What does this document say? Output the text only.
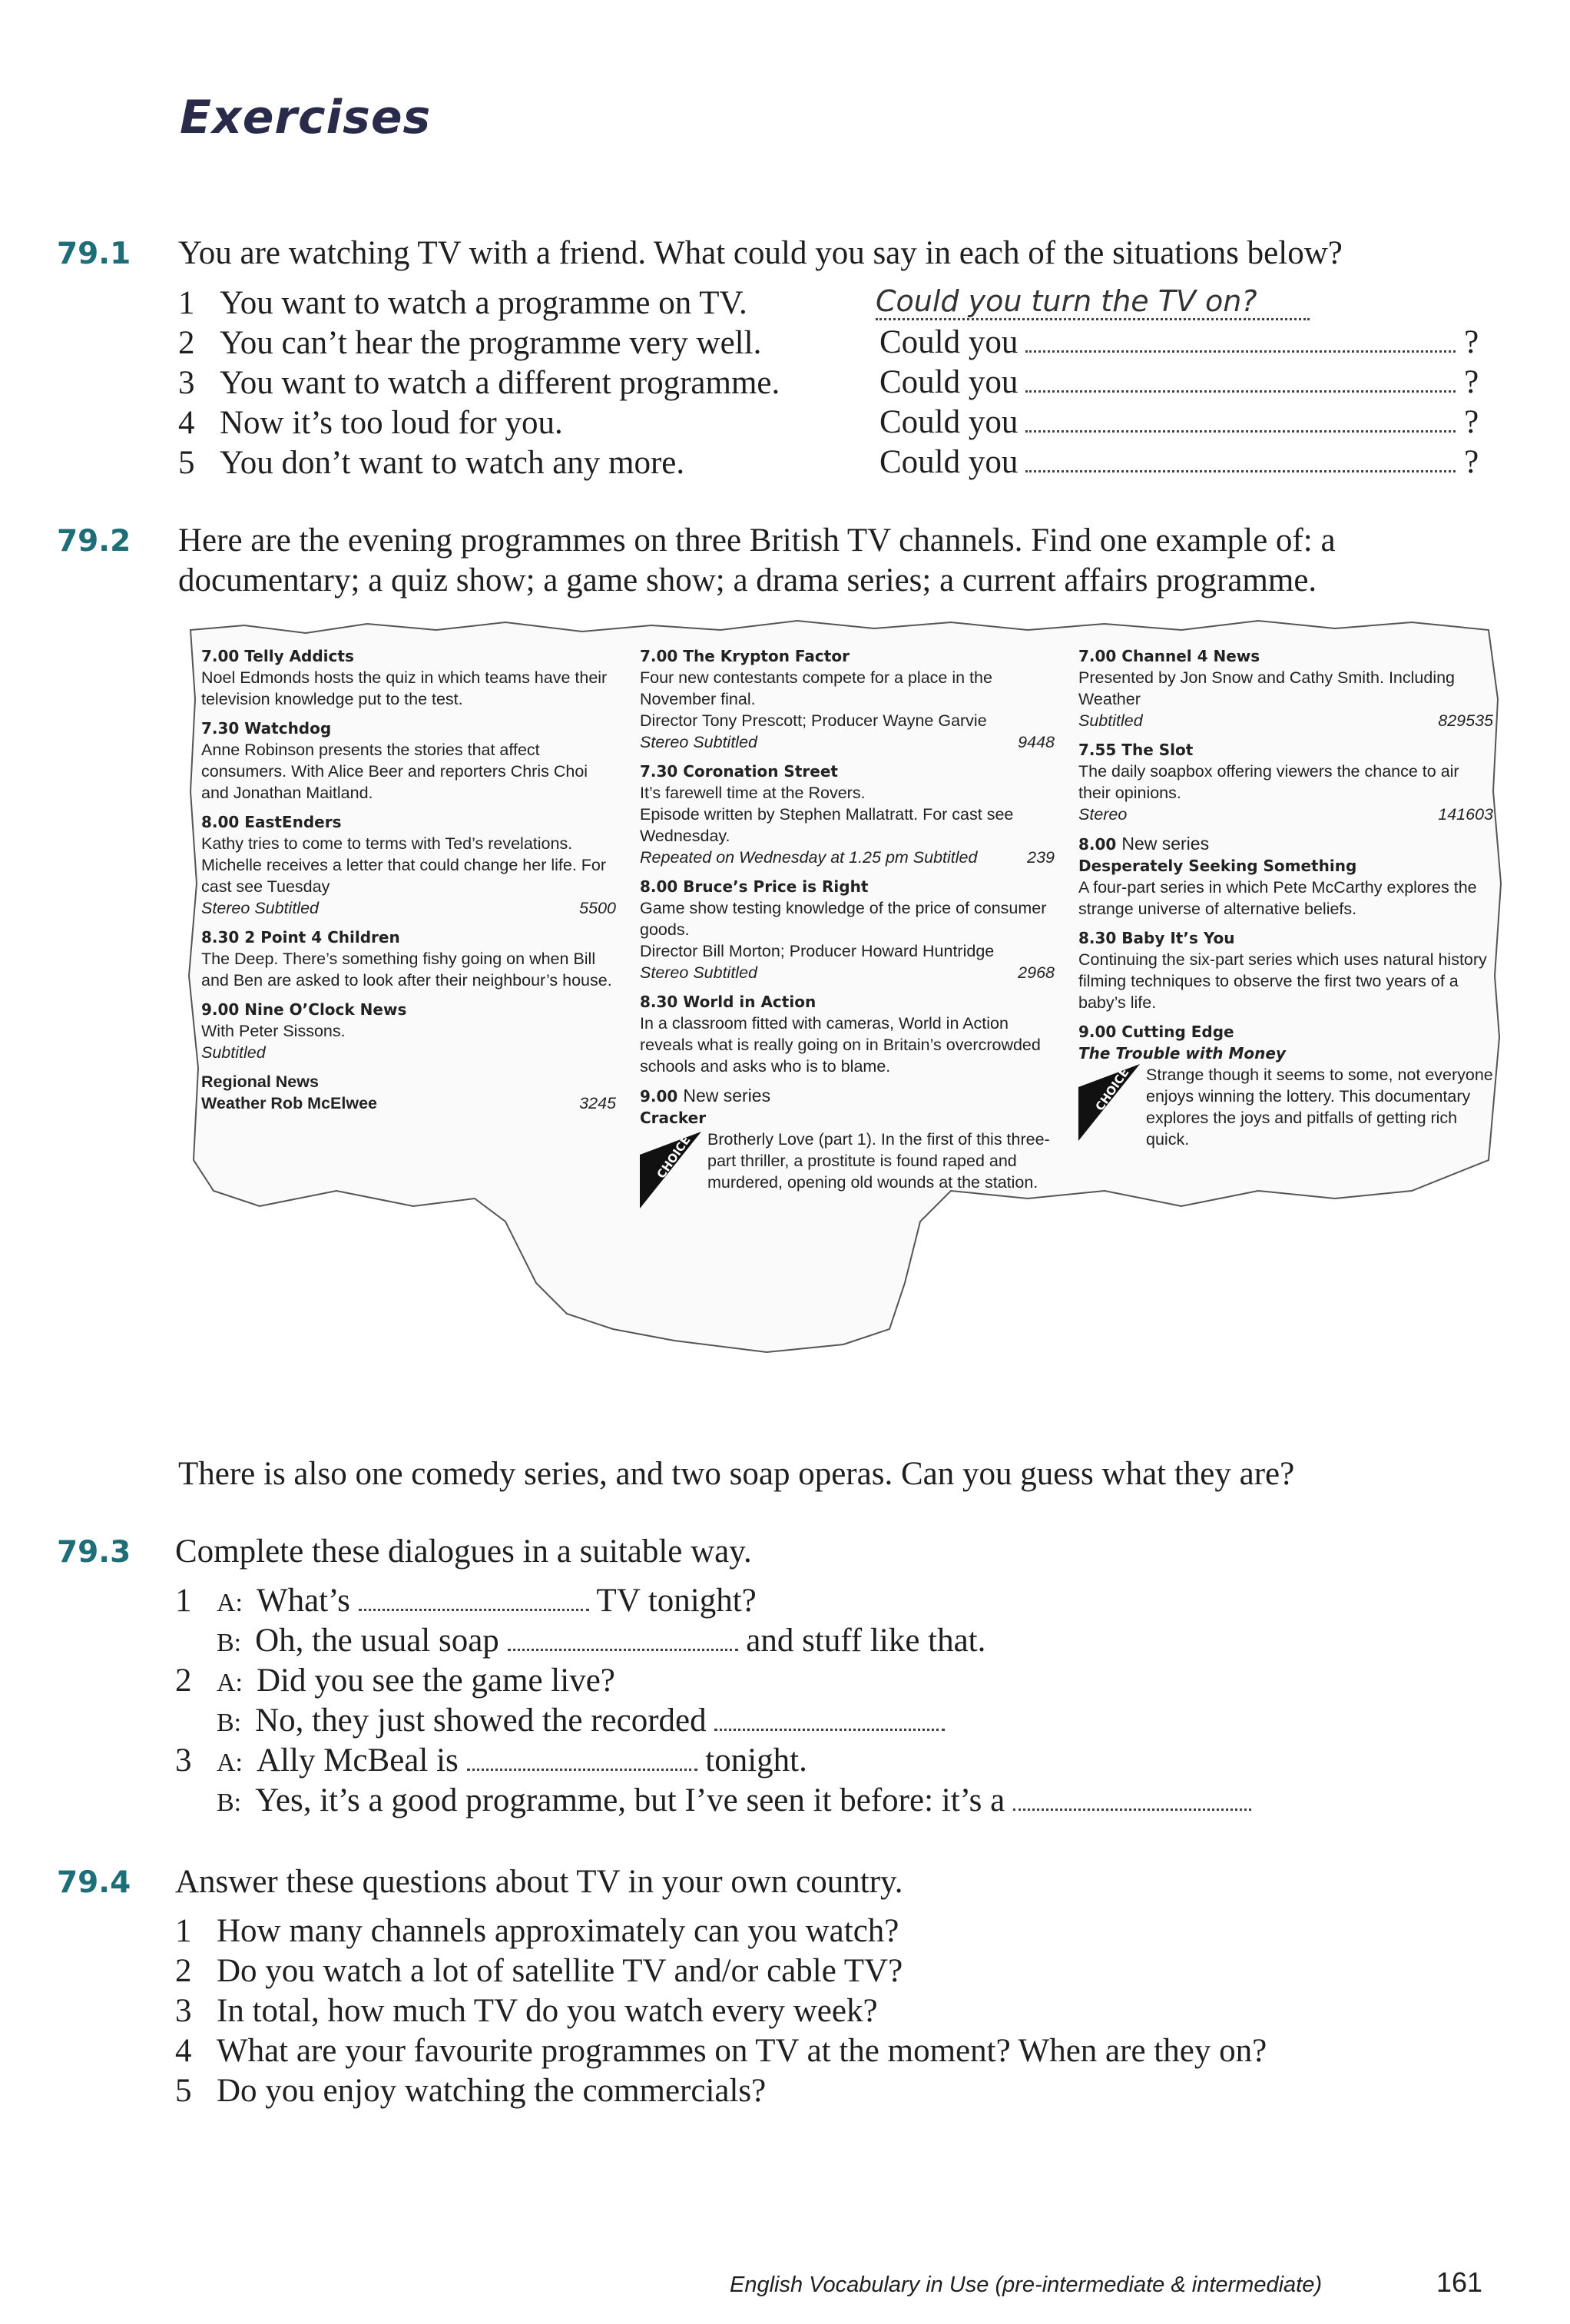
Exercises
79.1 You are watching TV with a friend. What could you say in each of the situations below?
1 You want to watch a programme on TV.
2 You can’t hear the programme very well.
3 You want to watch a different programme.
4 Now it’s too loud for you.
5 You don’t want to watch any more.
Could you turn the TV on?
Could you	?
Could you	?
Could you	?
Could you	?
79.2 Here are the evening programmes on three British TV channels. Find one example of: a
documentary; a quiz show; a game show; a drama series; a current affairs programme.
7.00 Telly Addicts
Noel Edmonds hosts the quiz in which teams have their television knowledge put to the test.
7.30 Watchdog
Anne Robinson presents the stories that affect consumers. With Alice Beer and reporters Chris Choi and Jonathan Maitland.
8.00 EastEnders
Kathy tries to come to terms with Ted’s revelations. Michelle receives a letter that could change her life. For cast see Tuesday
Stereo Subtitled	5500
8.30 2 Point 4 Children
The Deep. There’s something fishy going on when Bill and Ben are asked to look after their neighbour’s house.
9.00 Nine O’Clock News
With Peter Sissons.
Subtitled
Regional News
Weather Rob McElwee	3245
7.00 The Krypton Factor
Four new contestants compete for a place in the November final.
Director Tony Prescott; Producer Wayne Garvie
Stereo Subtitled	9448
7.30 Coronation Street
It’s farewell time at the Rovers.
Episode written by Stephen Mallatratt. For cast see Wednesday.
Repeated on Wednesday at 1.25 pm Subtitled	239
8.00 Bruce’s Price is Right
Game show testing knowledge of the price of consumer goods.
Director Bill Morton; Producer Howard Huntridge
Stereo Subtitled	2968
8.30 World in Action
In a classroom fitted with cameras, World in Action reveals what is really going on in Britain’s overcrowded schools and asks who is to blame.
9.00 New series
Cracker
CHOICE Brotherly Love (part 1). In the first of this three-part thriller, a prostitute is found raped and murdered, opening old wounds at the station.
7.00 Channel 4 News
Presented by Jon Snow and Cathy Smith. Including Weather
Subtitled	829535
7.55 The Slot
The daily soapbox offering viewers the chance to air their opinions.
Stereo	141603
8.00 New series
Desperately Seeking Something
A four-part series in which Pete McCarthy explores the strange universe of alternative beliefs.
8.30 Baby It’s You
Continuing the six-part series which uses natural history filming techniques to observe the first two years of a baby’s life.
9.00 Cutting Edge
The Trouble with Money
CHOICE Strange though it seems to some, not everyone enjoys winning the lottery. This documentary explores the joys and pitfalls of getting rich quick.
There is also one comedy series, and two soap operas. Can you guess what they are?
79.3 Complete these dialogues in a suitable way.
1 A: What’s	TV tonight?
B: Oh, the usual soap	and stuff like that.
2 A: Did you see the game live?
B: No, they just showed the recorded
3 A: Ally McBeal is	tonight.
B: Yes, it’s a good programme, but I’ve seen it before: it’s a
79.4 Answer these questions about TV in your own country.
1 How many channels approximately can you watch?
2 Do you watch a lot of satellite TV and/or cable TV?
3 In total, how much TV do you watch every week?
4 What are your favourite programmes on TV at the moment? When are they on?
5 Do you enjoy watching the commercials?
English Vocabulary in Use (pre-intermediate & intermediate)	161
